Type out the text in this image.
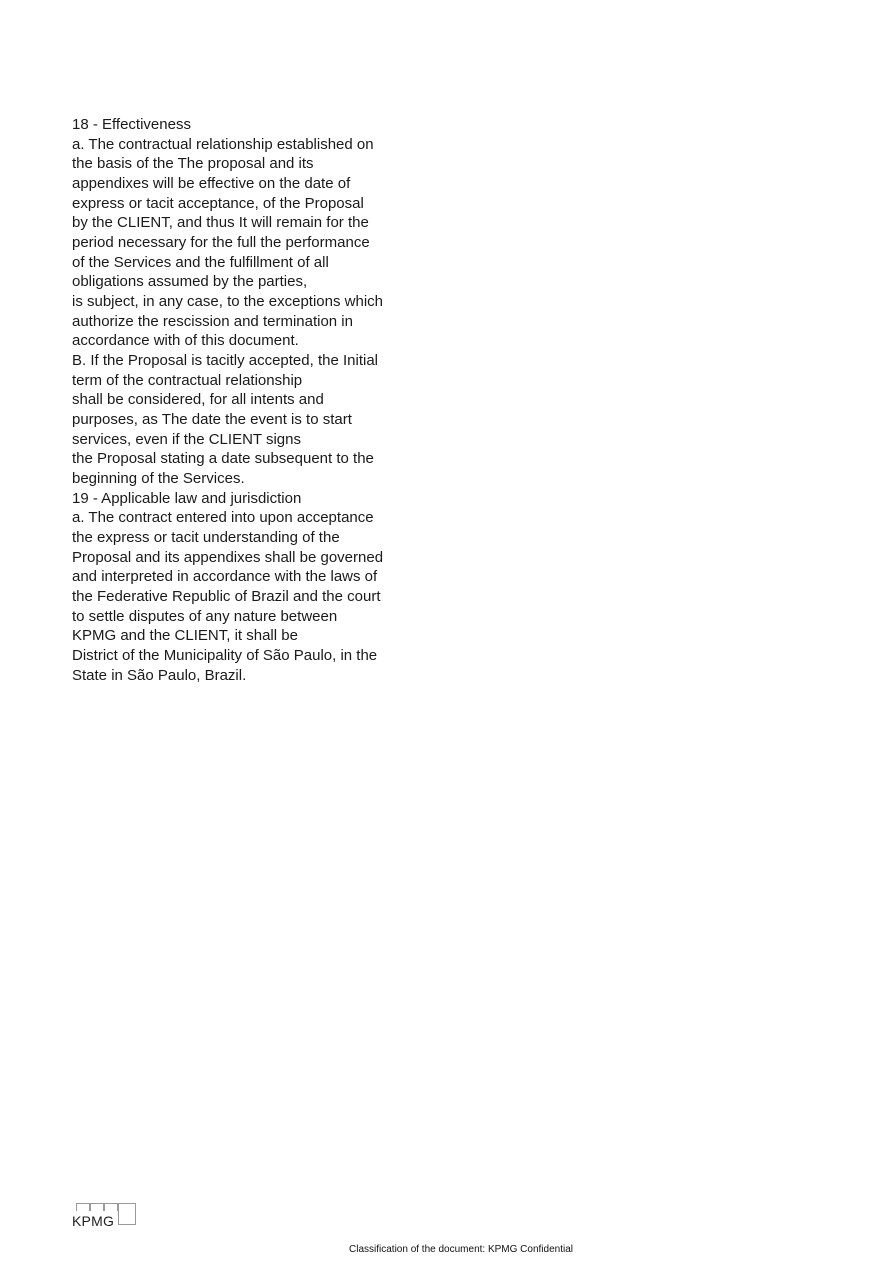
18 - Effectiveness
a. The contractual relationship established on
the basis of the The proposal and its
appendixes will be effective on the date of
express or tacit acceptance, of the Proposal
by the CLIENT, and thus It will remain for the
period necessary for the full the performance
of the Services and the fulfillment of all
obligations assumed by the parties,
is subject, in any case, to the exceptions which
authorize the rescission and termination in
accordance with of this document.
B. If the Proposal is tacitly accepted, the Initial
term of the contractual relationship
shall be considered, for all intents and
purposes, as The date the event is to start
services, even if the CLIENT signs
the Proposal stating a date subsequent to the
beginning of the Services.
19 - Applicable law and jurisdiction
a. The contract entered into upon acceptance
the express or tacit understanding of the
Proposal and its appendixes shall be governed
and interpreted in accordance with the laws of
the Federative Republic of Brazil and the court
to settle disputes of any nature between
KPMG and the CLIENT, it shall be
District of the Municipality of São Paulo, in the
State in São Paulo, Brazil.
KPMG
Classification of the document: KPMG Confidential
